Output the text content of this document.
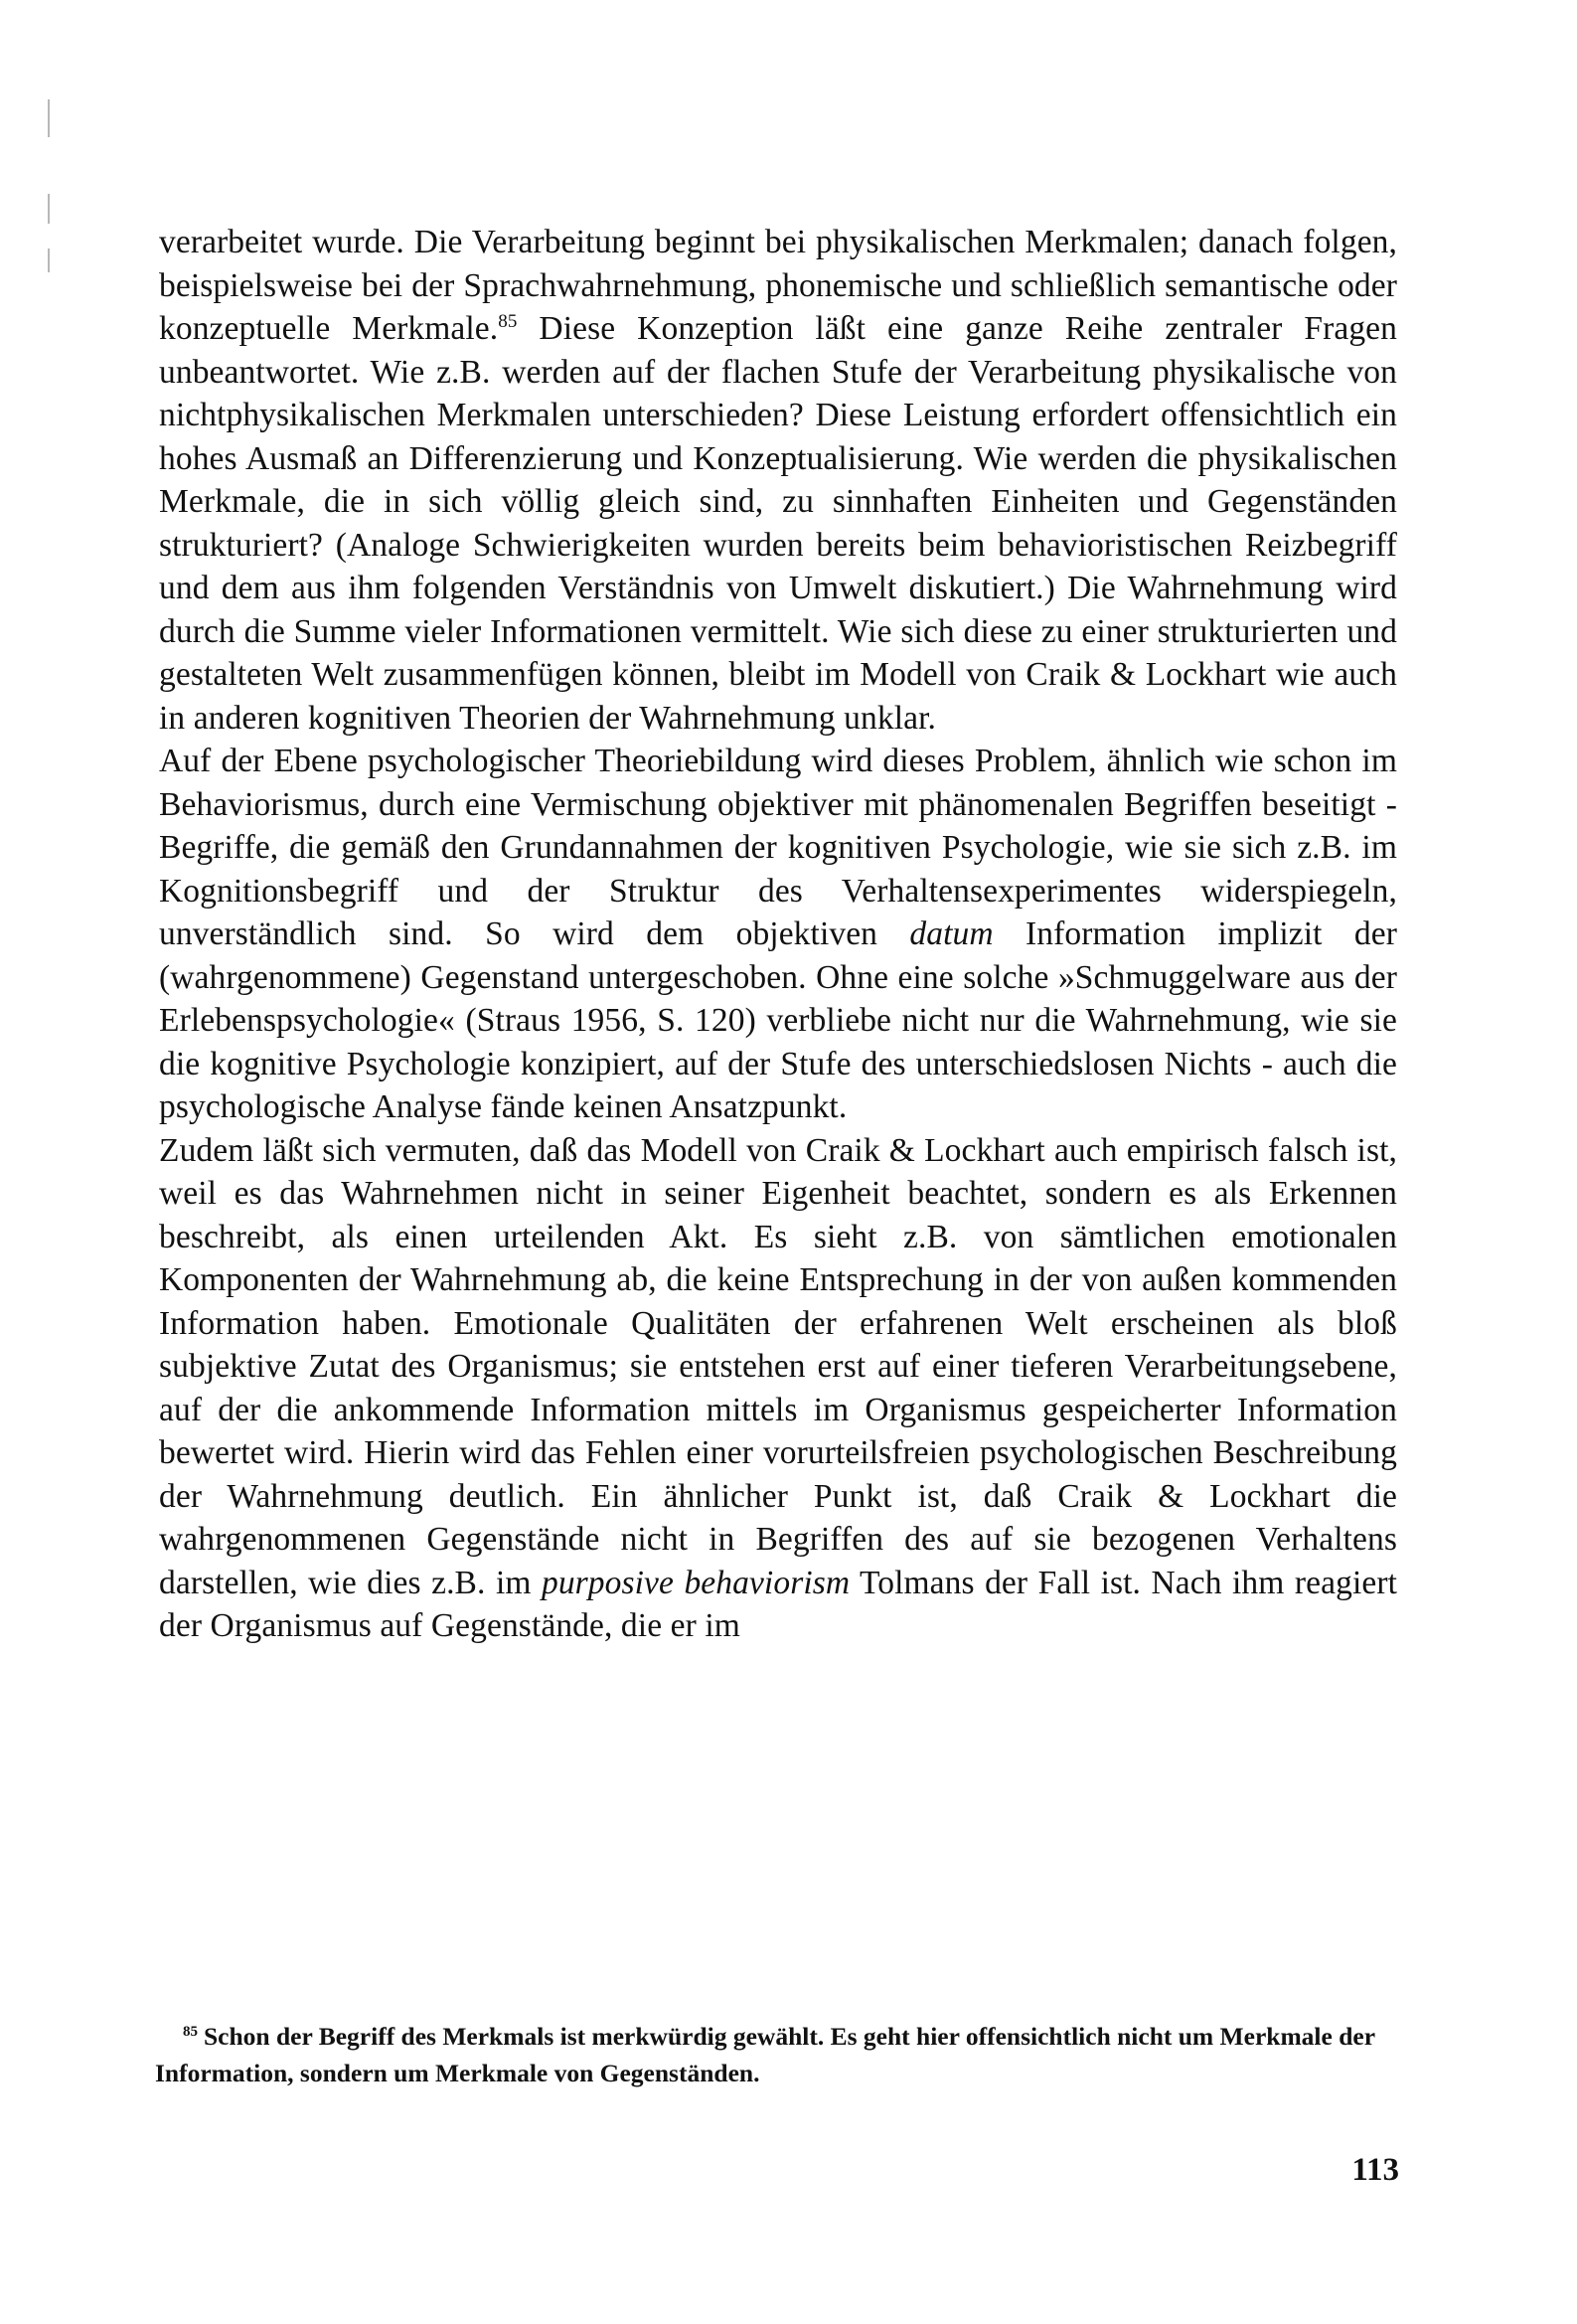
verarbeitet wurde. Die Verarbeitung beginnt bei physikalischen Merkmalen; danach folgen, beispielsweise bei der Sprachwahrnehmung, phonemische und schließlich semantische oder konzeptuelle Merkmale.$^{85}$ Diese Konzeption läßt eine ganze Reihe zentraler Fragen unbeantwortet. Wie z.B. werden auf der flachen Stufe der Verarbeitung physikalische von nichtphysikalischen Merkmalen unterschieden? Diese Leistung erfordert offensichtlich ein hohes Ausmaß an Differenzierung und Konzeptualisierung. Wie werden die physikalischen Merkmale, die in sich völlig gleich sind, zu sinnhaften Einheiten und Gegenständen strukturiert? (Analoge Schwierigkeiten wurden bereits beim behavioristischen Reizbegriff und dem aus ihm folgenden Verständnis von Umwelt diskutiert.) Die Wahrnehmung wird durch die Summe vieler Informationen vermittelt. Wie sich diese zu einer strukturierten und gestalteten Welt zusammenfügen können, bleibt im Modell von Craik & Lockhart wie auch in anderen kognitiven Theorien der Wahrnehmung unklar.

Auf der Ebene psychologischer Theoriebildung wird dieses Problem, ähnlich wie schon im Behaviorismus, durch eine Vermischung objektiver mit phänomenalen Begriffen beseitigt - Begriffe, die gemäß den Grundannahmen der kognitiven Psychologie, wie sie sich z.B. im Kognitionsbegriff und der Struktur des Verhaltensexperimentes widerspiegeln, unverständlich sind. So wird dem objektiven datum Information implizit der (wahrgenommene) Gegenstand untergeschoben. Ohne eine solche »Schmuggelware aus der Erlebenspsychologie« (Straus 1956, S. 120) verbliebe nicht nur die Wahrnehmung, wie sie die kognitive Psychologie konzipiert, auf der Stufe des unterschiedslosen Nichts - auch die psychologische Analyse fände keinen Ansatzpunkt.

Zudem läßt sich vermuten, daß das Modell von Craik & Lockhart auch empirisch falsch ist, weil es das Wahrnehmen nicht in seiner Eigenheit beachtet, sondern es als Erkennen beschreibt, als einen urteilenden Akt. Es sieht z.B. von sämtlichen emotionalen Komponenten der Wahrnehmung ab, die keine Entsprechung in der von außen kommenden Information haben. Emotionale Qualitäten der erfahrenen Welt erscheinen als bloß subjektive Zutat des Organismus; sie entstehen erst auf einer tieferen Verarbeitungsebene, auf der die ankommende Information mittels im Organismus gespeicherter Information bewertet wird. Hierin wird das Fehlen einer vorurteilsfreien psychologischen Beschreibung der Wahrnehmung deutlich. Ein ähnlicher Punkt ist, daß Craik & Lockhart die wahrgenommenen Gegenstände nicht in Begriffen des auf sie bezogenen Verhaltens darstellen, wie dies z.B. im purposive behaviorism Tolmans der Fall ist. Nach ihm reagiert der Organismus auf Gegenstände, die er im

$^{85}$ Schon der Begriff des Merkmals ist merkwürdig gewählt. Es geht hier offensichtlich nicht um Merkmale der Information, sondern um Merkmale von Gegenständen.
113
